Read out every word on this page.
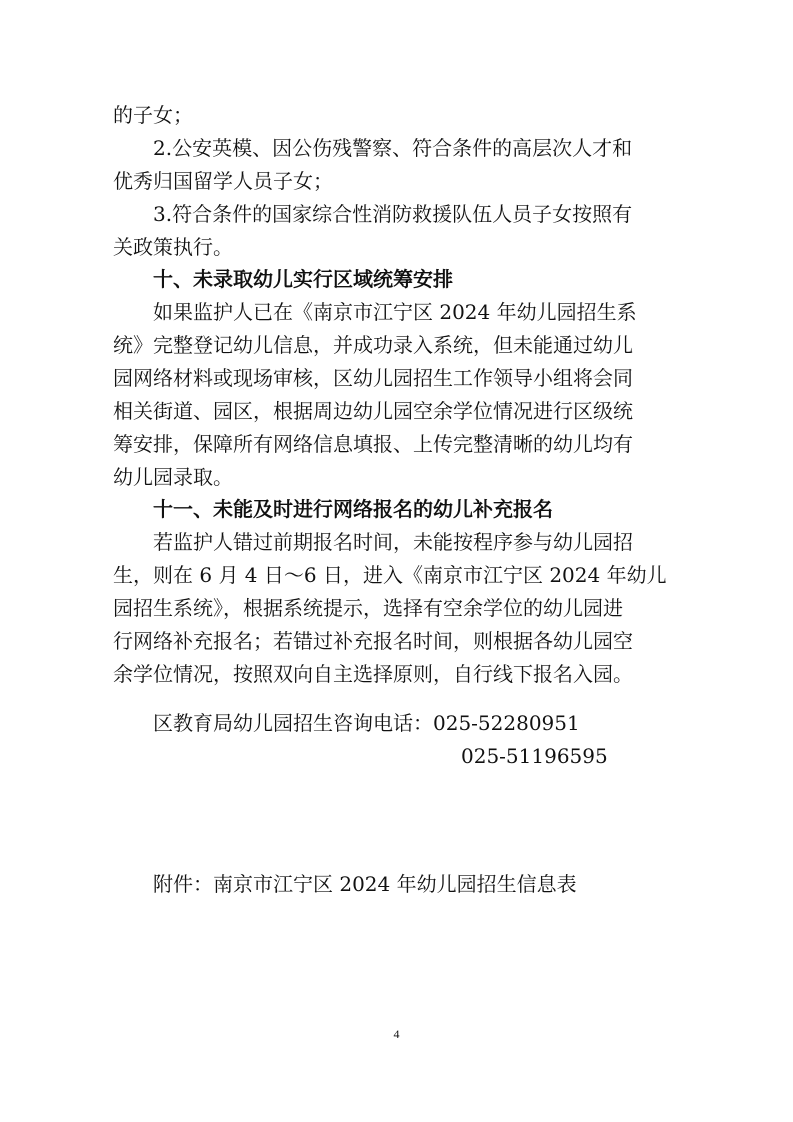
的子女；
　　2.公安英模、因公伤残警察、符合条件的高层次人才和
优秀归国留学人员子女；
　　3.符合条件的国家综合性消防救援队伍人员子女按照有
关政策执行。
　　十、未录取幼儿实行区域统筹安排
　　如果监护人已在《南京市江宁区 2024 年幼儿园招生系
统》完整登记幼儿信息，并成功录入系统，但未能通过幼儿
园网络材料或现场审核，区幼儿园招生工作领导小组将会同
相关街道、园区，根据周边幼儿园空余学位情况进行区级统
筹安排，保障所有网络信息填报、上传完整清晰的幼儿均有
幼儿园录取。
　　十一、未能及时进行网络报名的幼儿补充报名
　　若监护人错过前期报名时间，未能按程序参与幼儿园招
生，则在 6 月 4 日～6 日，进入《南京市江宁区 2024 年幼儿
园招生系统》，根据系统提示，选择有空余学位的幼儿园进
行网络补充报名；若错过补充报名时间，则根据各幼儿园空
余学位情况，按照双向自主选择原则，自行线下报名入园。
　　区教育局幼儿园招生咨询电话：025-52280951
025-51196595
　　附件：南京市江宁区 2024 年幼儿园招生信息表
4
